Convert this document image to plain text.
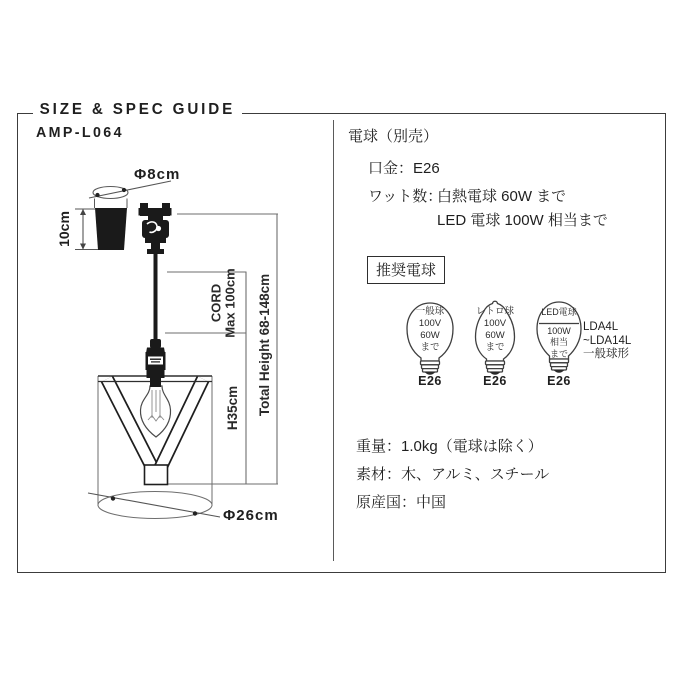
SIZE & SPEC GUIDE
AMP-L064
CORD Max 100cm
H35cm Total Height 68-148cm
Φ26cm
Φ8cm
10cm
電球（別売）
口金：E26
ワット数：
白熱電球 60W まで
LED 電球 100W 相当まで
推奨電球
一般球
100V
60W
まで
レトロ球
100V
60W
まで
LED電球
100W
相当
まで
E26	E26	E26
LDA4L
~LDA14L
一般球形
重量：1.0kg（電球は除く）
素材：木、アルミ、スチール
原産国：中国
